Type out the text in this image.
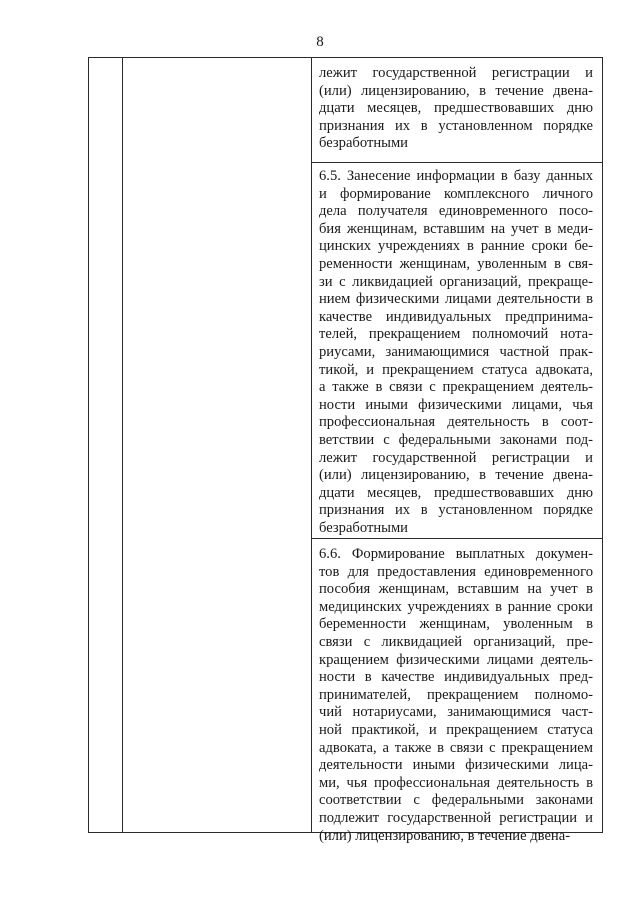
8
лежит государственной регистрации и
(или) лицензированию, в течение двена-
дцати месяцев, предшествовавших дню
признания их в установленном порядке
безработными
6.5. Занесение информации в базу данных
и формирование комплексного личного
дела получателя единовременного посо-
бия женщинам, вставшим на учет в меди-
цинских учреждениях в ранние сроки бе-
ременности женщинам, уволенным в свя-
зи с ликвидацией организаций, прекраще-
нием физическими лицами деятельности в
качестве индивидуальных предпринима-
телей, прекращением полномочий нота-
риусами, занимающимися частной прак-
тикой, и прекращением статуса адвоката,
а также в связи с прекращением деятель-
ности иными физическими лицами, чья
профессиональная деятельность в соот-
ветствии с федеральными законами под-
лежит государственной регистрации и
(или) лицензированию, в течение двена-
дцати месяцев, предшествовавших дню
признания их в установленном порядке
безработными
6.6. Формирование выплатных докумен-
тов для предоставления единовременного
пособия женщинам, вставшим на учет в
медицинских учреждениях в ранние сроки
беременности женщинам, уволенным в
связи с ликвидацией организаций, пре-
кращением физическими лицами деятель-
ности в качестве индивидуальных пред-
принимателей, прекращением полномо-
чий нотариусами, занимающимися част-
ной практикой, и прекращением статуса
адвоката, а также в связи с прекращением
деятельности иными физическими лица-
ми, чья профессиональная деятельность в
соответствии с федеральными законами
подлежит государственной регистрации и
(или) лицензированию, в течение двена-
